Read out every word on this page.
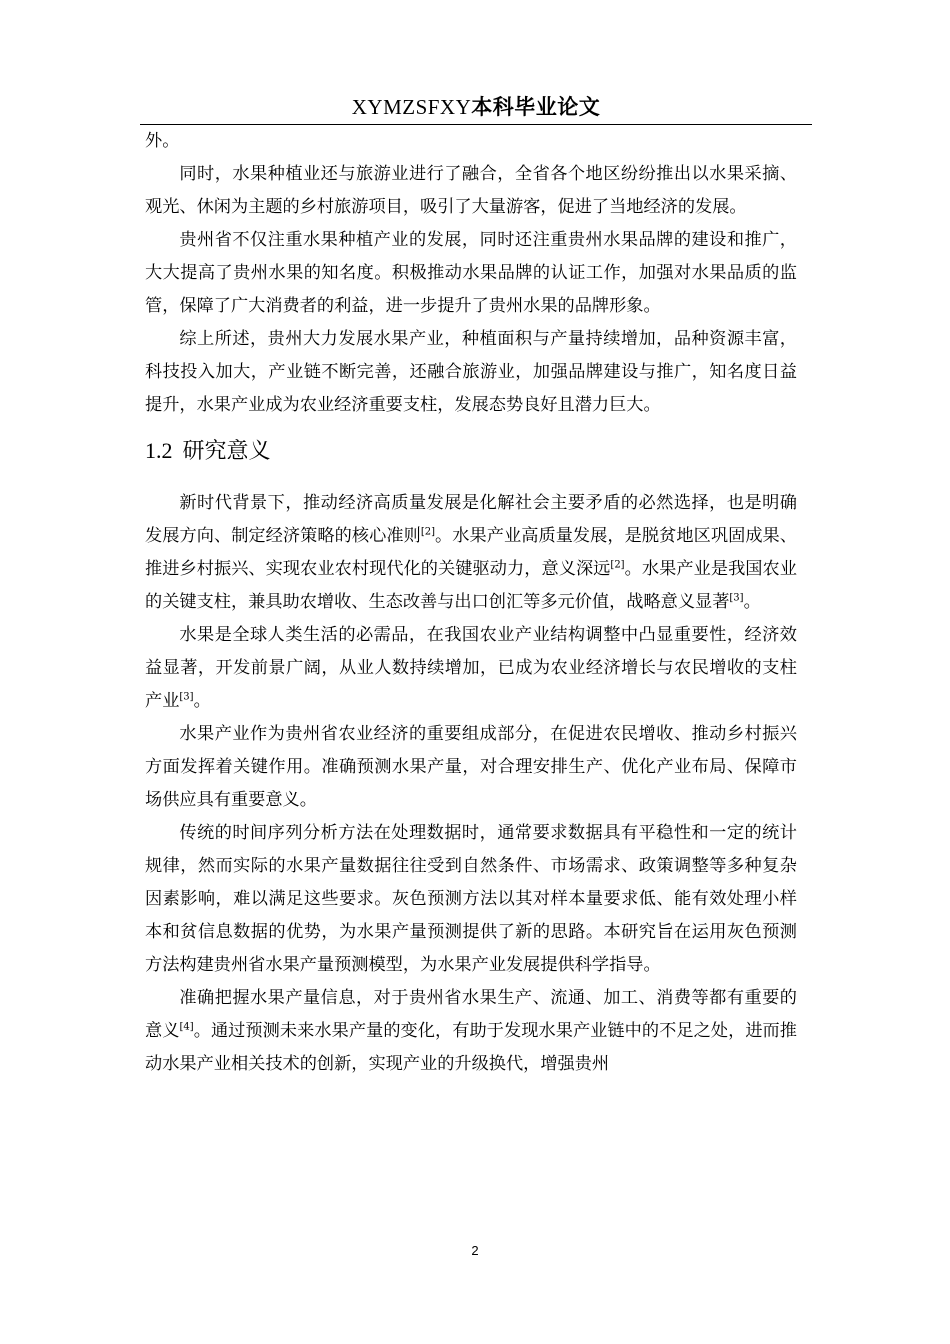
XYMZSFXY本科毕业论文

外。

同时，水果种植业还与旅游业进行了融合，全省各个地区纷纷推出以水果采摘、观光、休闲为主题的乡村旅游项目，吸引了大量游客，促进了当地经济的发展。

贵州省不仅注重水果种植产业的发展，同时还注重贵州水果品牌的建设和推广，大大提高了贵州水果的知名度。积极推动水果品牌的认证工作，加强对水果品质的监管，保障了广大消费者的利益，进一步提升了贵州水果的品牌形象。

综上所述，贵州大力发展水果产业，种植面积与产量持续增加，品种资源丰富，科技投入加大，产业链不断完善，还融合旅游业，加强品牌建设与推广，知名度日益提升，水果产业成为农业经济重要支柱，发展态势良好且潜力巨大。

1.2 研究意义

新时代背景下，推动经济高质量发展是化解社会主要矛盾的必然选择，也是明确发展方向、制定经济策略的核心准则[2]。水果产业高质量发展，是脱贫地区巩固成果、推进乡村振兴、实现农业农村现代化的关键驱动力，意义深远[2]。水果产业是我国农业的关键支柱，兼具助农增收、生态改善与出口创汇等多元价值，战略意义显著[3]。

水果是全球人类生活的必需品，在我国农业产业结构调整中凸显重要性，经济效益显著，开发前景广阔，从业人数持续增加，已成为农业经济增长与农民增收的支柱产业[3]。

水果产业作为贵州省农业经济的重要组成部分，在促进农民增收、推动乡村振兴方面发挥着关键作用。准确预测水果产量，对合理安排生产、优化产业布局、保障市场供应具有重要意义。

传统的时间序列分析方法在处理数据时，通常要求数据具有平稳性和一定的统计规律，然而实际的水果产量数据往往受到自然条件、市场需求、政策调整等多种复杂因素影响，难以满足这些要求。灰色预测方法以其对样本量要求低、能有效处理小样本和贫信息数据的优势，为水果产量预测提供了新的思路。本研究旨在运用灰色预测方法构建贵州省水果产量预测模型，为水果产业发展提供科学指导。

准确把握水果产量信息，对于贵州省水果生产、流通、加工、消费等都有重要的意义[4]。通过预测未来水果产量的变化，有助于发现水果产业链中的不足之处，进而推动水果产业相关技术的创新，实现产业的升级换代，增强贵州

2
